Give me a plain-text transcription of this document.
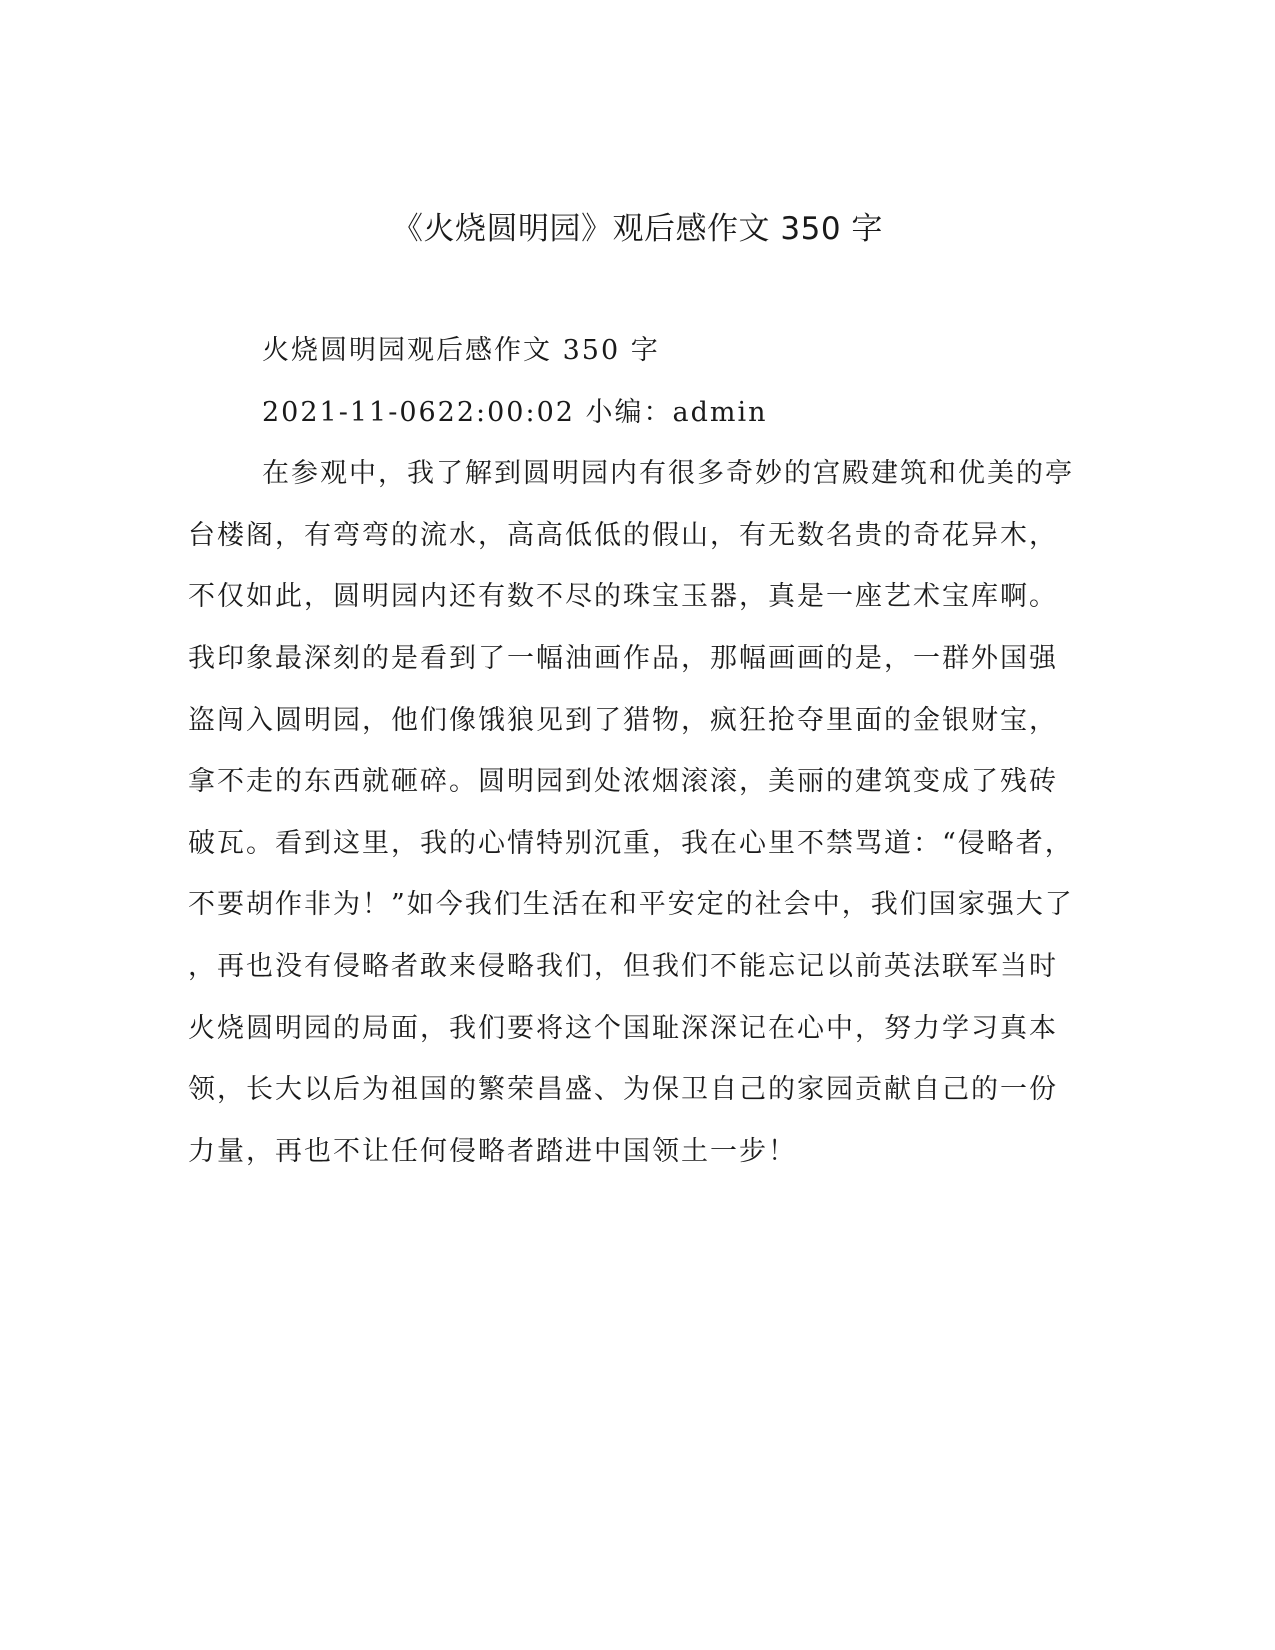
《火烧圆明园》观后感作文 350 字
火烧圆明园观后感作文 350 字
2021-11-0622:00:02 小编：admin
在参观中，我了解到圆明园内有很多奇妙的宫殿建筑和优美的亭
台楼阁，有弯弯的流水，高高低低的假山，有无数名贵的奇花异木，
不仅如此，圆明园内还有数不尽的珠宝玉器，真是一座艺术宝库啊。
我印象最深刻的是看到了一幅油画作品，那幅画画的是，一群外国强
盗闯入圆明园，他们像饿狼见到了猎物，疯狂抢夺里面的金银财宝，
拿不走的东西就砸碎。圆明园到处浓烟滚滚，美丽的建筑变成了残砖
破瓦。看到这里，我的心情特别沉重，我在心里不禁骂道：“侵略者，
不要胡作非为！”如今我们生活在和平安定的社会中，我们国家强大了
，再也没有侵略者敢来侵略我们，但我们不能忘记以前英法联军当时
火烧圆明园的局面，我们要将这个国耻深深记在心中，努力学习真本
领，长大以后为祖国的繁荣昌盛、为保卫自己的家园贡献自己的一份
力量，再也不让任何侵略者踏进中国领土一步！
